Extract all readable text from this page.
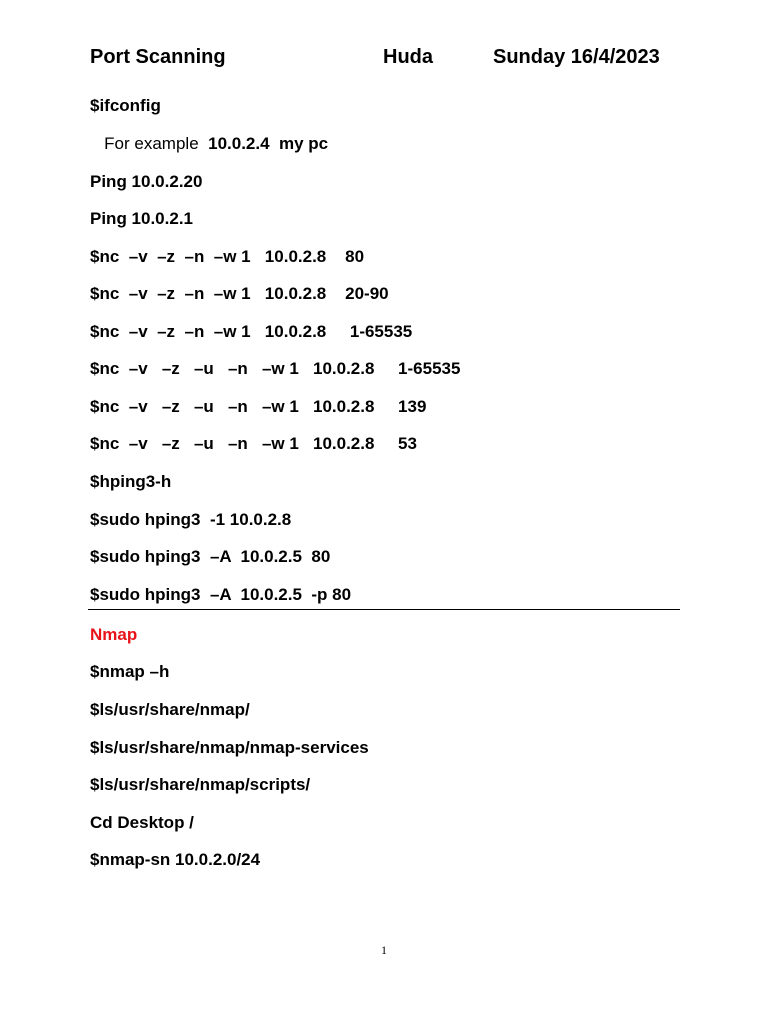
Port Scanning	Huda	Sunday 16/4/2023
$ifconfig
For example  10.0.2.4  my pc
Ping 10.0.2.20
Ping 10.0.2.1
$nc  –v  –z  –n  –w 1   10.0.2.8    80
$nc  –v  –z  –n  –w 1   10.0.2.8    20-90
$nc  –v  –z  –n  –w 1   10.0.2.8     1-65535
$nc  –v   –z   –u   –n   –w 1   10.0.2.8     1-65535
$nc  –v   –z   –u   –n   –w 1   10.0.2.8     139
$nc  –v   –z   –u   –n   –w 1   10.0.2.8     53
$hping3-h
$sudo hping3  -1 10.0.2.8
$sudo hping3  –A  10.0.2.5  80
$sudo hping3  –A  10.0.2.5  -p 80
Nmap
$nmap –h
$ls/usr/share/nmap/
$ls/usr/share/nmap/nmap-services
$ls/usr/share/nmap/scripts/
Cd Desktop /
$nmap-sn 10.0.2.0/24
1
